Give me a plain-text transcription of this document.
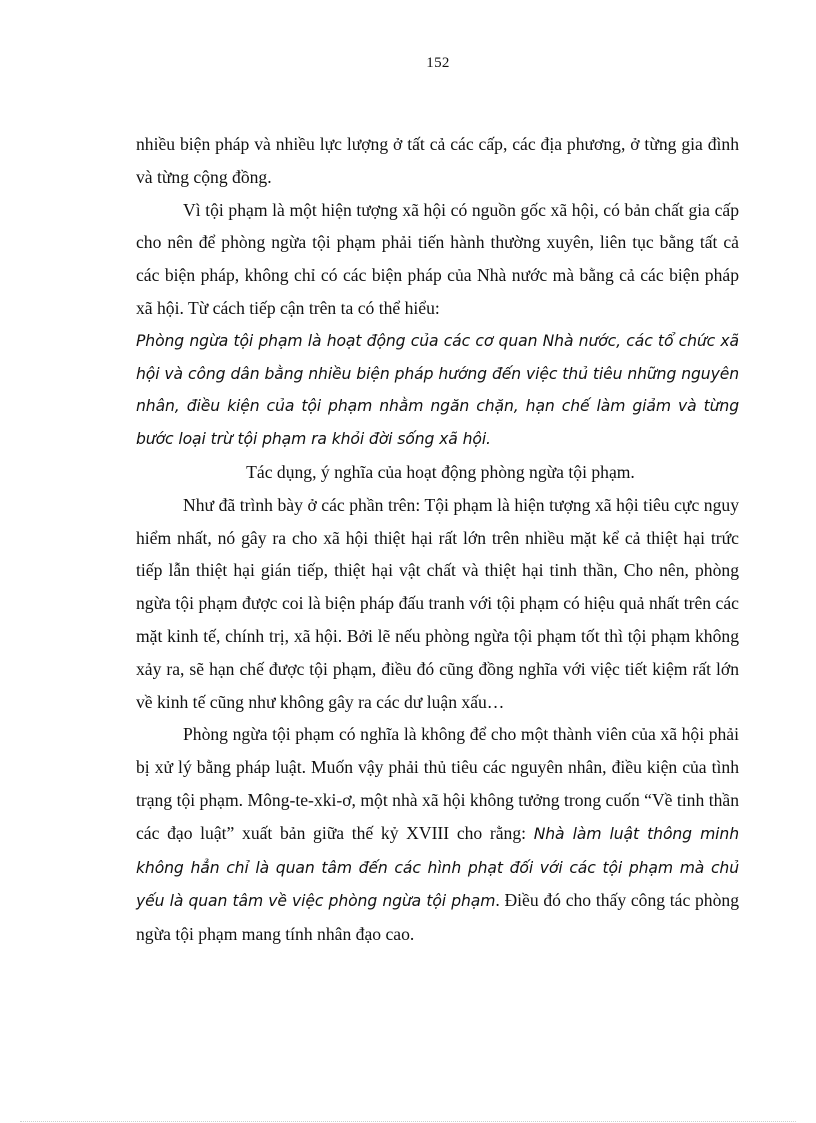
152

nhiều biện pháp và nhiều lực lượng ở tất cả các cấp, các địa phương, ở từng gia đình và từng cộng đồng.

Vì tội phạm là một hiện tượng xã hội có nguồn gốc xã hội, có bản chất gia cấp cho nên để phòng ngừa tội phạm phải tiến hành thường xuyên, liên tục bằng tất cả các biện pháp, không chỉ có các biện pháp của Nhà nước mà bằng cả các biện pháp xã hội. Từ cách tiếp cận trên ta có thể hiểu:

Phòng ngừa tội phạm là hoạt động của các cơ quan Nhà nước, các tổ chức xã hội và công dân bằng nhiều biện pháp hướng đến việc thủ tiêu những nguyên nhân, điều kiện của tội phạm nhằm ngăn chặn, hạn chế làm giảm và từng bước loại trừ tội phạm ra khỏi đời sống xã hội.

Tác dụng, ý nghĩa của hoạt động phòng ngừa tội phạm.

Như đã trình bày ở các phần trên: Tội phạm là hiện tượng xã hội tiêu cực nguy hiểm nhất, nó gây ra cho xã hội thiệt hại rất lớn trên nhiều mặt kể cả thiệt hại trức tiếp lẫn thiệt hại gián tiếp, thiệt hại vật chất và thiệt hại tinh thần, Cho nên, phòng ngừa tội phạm được coi là biện pháp đấu tranh với tội phạm có hiệu quả nhất trên các mặt kinh tế, chính trị, xã hội. Bởi lẽ nếu phòng ngừa tội phạm tốt thì tội phạm không xảy ra, sẽ hạn chế được tội phạm, điều đó cũng đồng nghĩa với việc tiết kiệm rất lớn về kinh tế cũng như không gây ra các dư luận xấu…

Phòng ngừa tội phạm có nghĩa là không để cho một thành viên của xã hội phải bị xử lý bằng pháp luật. Muốn vậy phải thủ tiêu các nguyên nhân, điều kiện của tình trạng tội phạm. Mông-te-xki-ơ, một nhà xã hội không tưởng trong cuốn “Về tinh thần các đạo luật” xuất bản giữa thế kỷ XVIII cho rằng: Nhà làm luật thông minh không hẳn chỉ là quan tâm đến các hình phạt đối với các tội phạm mà chủ yếu là quan tâm về việc phòng ngừa tội phạm. Điều đó cho thấy công tác phòng ngừa tội phạm mang tính nhân đạo cao.
